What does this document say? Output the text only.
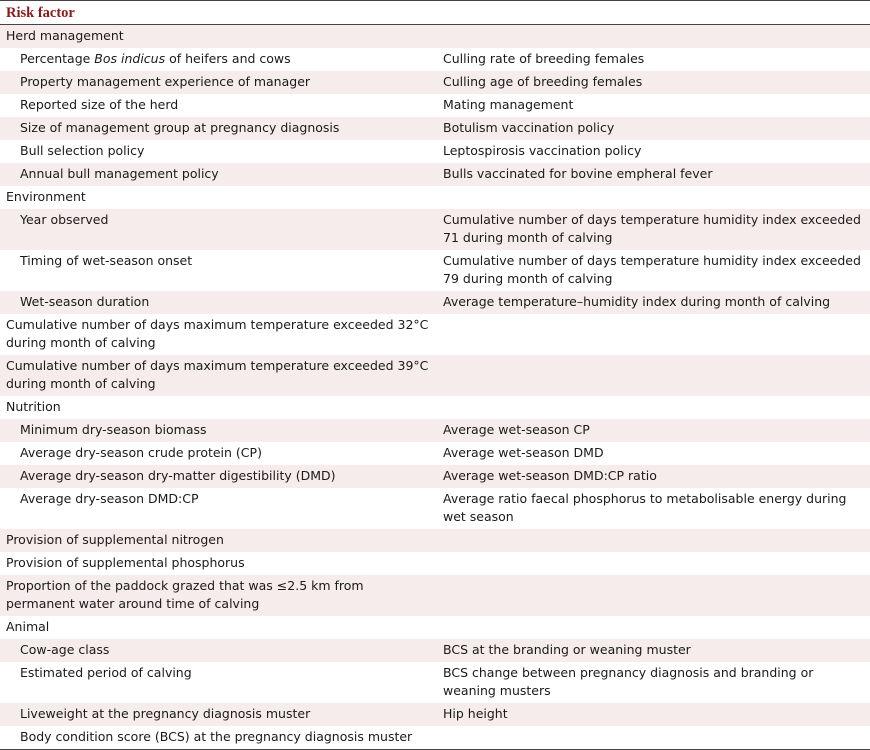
Risk factor	
Herd management	
Percentage Bos indicus of heifers and cows	Culling rate of breeding females
Property management experience of manager	Culling age of breeding females
Reported size of the herd	Mating management
Size of management group at pregnancy diagnosis	Botulism vaccination policy
Bull selection policy	Leptospirosis vaccination policy
Annual bull management policy	Bulls vaccinated for bovine empheral fever
Environment	
Year observed	Cumulative number of days temperature humidity index exceeded 71 during month of calving
Timing of wet-season onset	Cumulative number of days temperature humidity index exceeded 79 during month of calving
Wet-season duration	Average temperature–humidity index during month of calving
Cumulative number of days maximum temperature exceeded 32°C during month of calving	
Cumulative number of days maximum temperature exceeded 39°C during month of calving	
Nutrition	
Minimum dry-season biomass	Average wet-season CP
Average dry-season crude protein (CP)	Average wet-season DMD
Average dry-season dry-matter digestibility (DMD)	Average wet-season DMD:CP ratio
Average dry-season DMD:CP	Average ratio faecal phosphorus to metabolisable energy during wet season
Provision of supplemental nitrogen	
Provision of supplemental phosphorus	
Proportion of the paddock grazed that was ≤2.5 km from permanent water around time of calving	
Animal	
Cow-age class	BCS at the branding or weaning muster
Estimated period of calving	BCS change between pregnancy diagnosis and branding or weaning musters
Liveweight at the pregnancy diagnosis muster	Hip height
Body condition score (BCS) at the pregnancy diagnosis muster	
